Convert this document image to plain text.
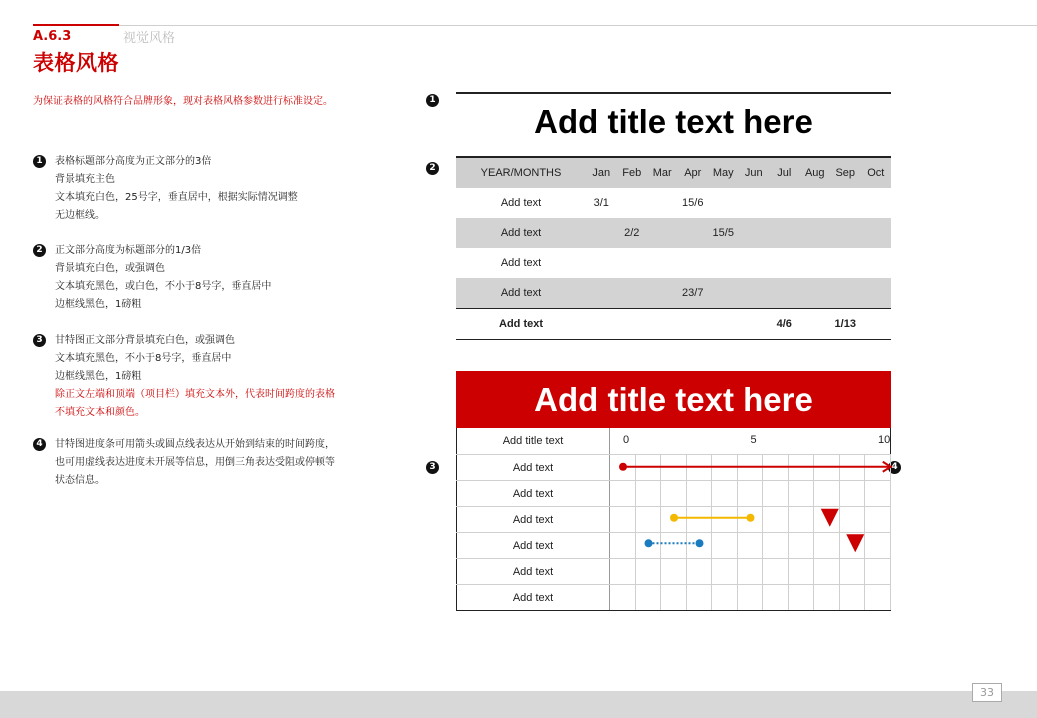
A.6.3	视觉风格
表格风格
为保证表格的风格符合品牌形象，现对表格风格参数进行标准设定。	1
2
3	4
Add title text here
YEAR/MONTHS	Jan	Feb	Mar	Apr	May	Jun	Jul	Aug	Sep	Oct
Add text	3/1			15/6						
Add text		2/2			15/5					
Add text										
Add text				23/7						
Add text							4/6		1/13	
Add title text here
Add title text	0 5 10										

Add text											
Add text											
Add text											
Add text											
Add text											
Add text											
33
1	表格标题部分高度为正文部分的3倍
背景填充主色
文本填充白色，25号字，垂直居中，根据实际情况调整
无边框线。
2	正文部分高度为标题部分的1/3倍
背景填充白色，或强调色
文本填充黑色，或白色，不小于8号字，垂直居中
边框线黑色，1磅粗
3	甘特图正文部分背景填充白色，或强调色
文本填充黑色，不小于8号字，垂直居中
边框线黑色，1磅粗
除正文左端和顶端（项目栏）填充文本外，代表时间跨度的表格
不填充文本和颜色。
4	甘特图进度条可用箭头或圆点线表达从开始到结束的时间跨度，
也可用虚线表达进度未开展等信息，用倒三角表达受阻或停顿等
状态信息。
